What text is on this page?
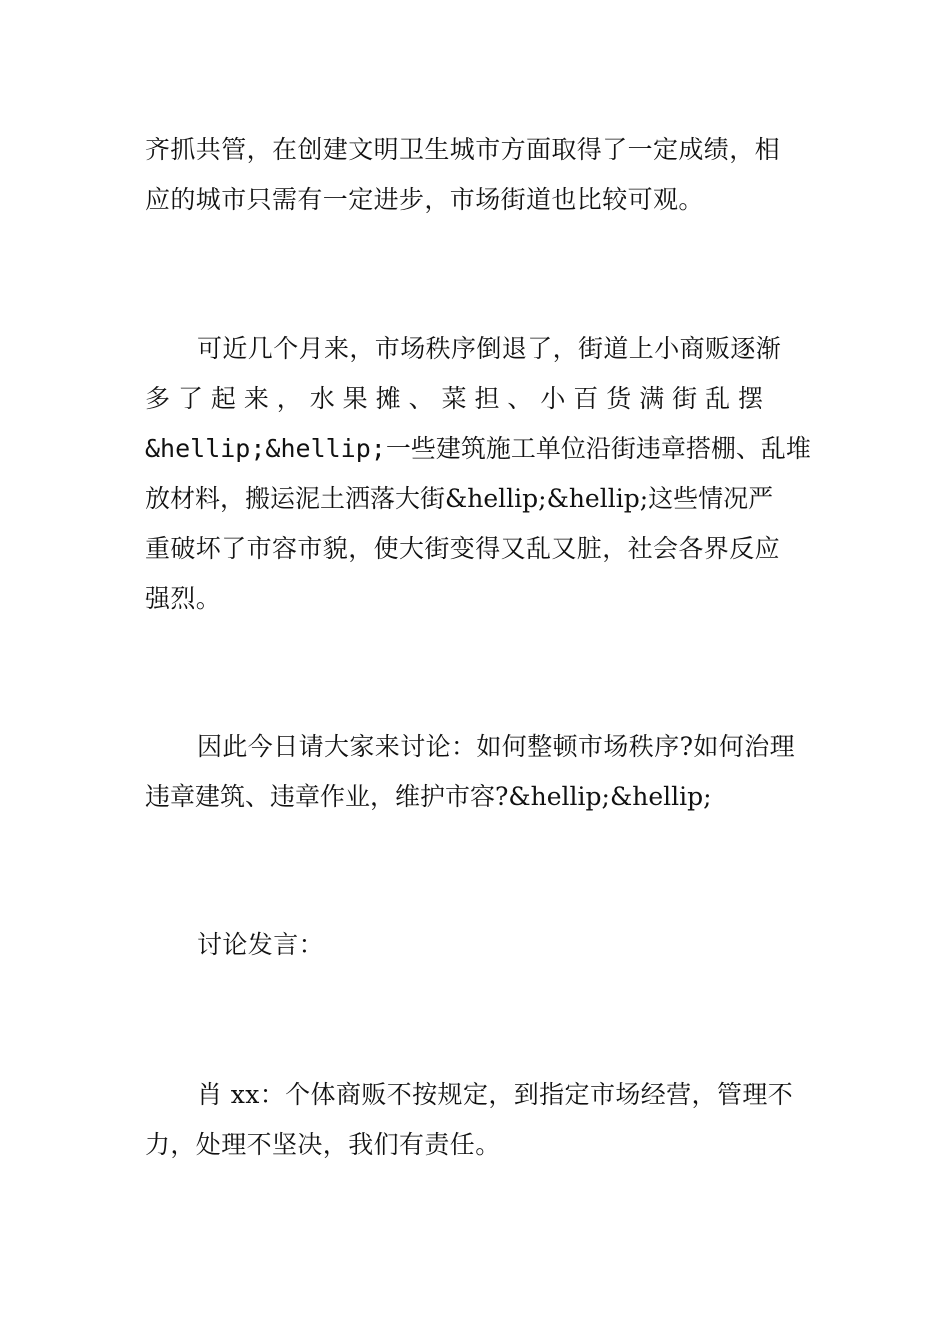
齐抓共管，在创建文明卫生城市方面取得了一定成绩，相
应的城市只需有一定进步，市场街道也比较可观。
可近几个月来，市场秩序倒退了，街道上小商贩逐渐
多 了 起 来 ， 水 果 摊 、 菜 担 、 小 百 货 满 街 乱 摆
&hellip;&hellip;一些建筑施工单位沿街违章搭棚、乱堆
放材料，搬运泥土洒落大街&hellip;&hellip;这些情况严
重破坏了市容市貌，使大街变得又乱又脏，社会各界反应
强烈。
因此今日请大家来讨论：如何整顿市场秩序?如何治理
违章建筑、违章作业，维护市容?&hellip;&hellip;
讨论发言：
肖 xx：个体商贩不按规定，到指定市场经营，管理不
力，处理不坚决，我们有责任。
